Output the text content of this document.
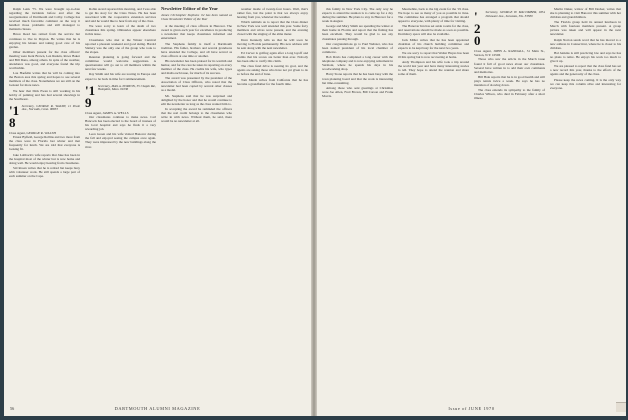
Ralph Lenk '75. We were brought up-to-date regarding the incidents before and after the reorganization of Dartmouth and Colby. College has received much favorable comment on the way it handled those problems and still managed to maintain classes.

Bruce Reed has retired from the service but continues to live in Dayton. He writes that he is enjoying his leisure and taking good care of his garden.

Other members present for the class officers' meeting were Kent Brown, Len Ruskin, Rowe Baker and Bill Dana, among others. In spite of the weather, attendance was good, and everyone found the trip worthwhile.

Lou Haefelin writes that he will be coming into the Boston area this spring and hopes to see several members of the class. Nonetheless we are still on the lookout for more news.

We hear that Dick Ewen is still working in his hobby of painting and has had several showings in the Southwest.

'18
Secretary, GEORGE R. WALSH, 11 Peale Ave., Norwalk, Conn. 06853

Class Agent, GEORGE R. WALSH

Ernest Byfield, George Rollins and two more from the class were in Florida last winter and met frequently for lunch. We are told that everyone is looking fit.

Jake Lubbock's wife reports that Jake has been in the hospital most of the winter but is now home and doing well. He would enjoy hearing from classmates.

Sid Rosen writes that he is retired but keeps busy with volunteer work. He still spends a large part of each summer on the Cape.

Robin Acard reported this morning, and I was able to get his story for the Class Notes. He has been associated with the cooperative extension services and said he would like to hear from any of the class.

We were sorry to learn of the death of two classmates this spring. Obituaries appear elsewhere in this issue.

Classmates who met at the Winter Carnival reported a pleasant weekend and good skiing. Harold Slattery was the only one of the group who took to the slopes.

Reunion planning is going forward and the committee would welcome suggestions. A questionnaire will go out to all members within the next few weeks.

Ray Smith and his wife are touring in Europe and expect to be back in time for Commencement.

'19
Secretary, MAX A. NORTON, 55 Chapin Rd., Hampden, Mass. 01036

Class Agent, JAMES A. WELLS

Our classmates continue to make news. Carl Hancock has been elected to the board of trustees of his local hospital and says he finds it a very rewarding job.

Leon Green and his wife visited Hanover during the fall and enjoyed seeing the campus once again. They were impressed by the new buildings along the river.

Newsletter Editor of the Year
James Christopher Stephens '22 has been named as Class Newsletter Editor of the Year

at the meeting of class officers in Hanover. The award is given each year for excellence in producing a newsletter that keeps classmates informed and entertained.

The Stephens family is itself a Dartmouth tradition. His father, brothers and several grandsons have attended the College, and all have served as class officers at one time or another.

His newsletter has been praised for its warmth and humor, and for the care he takes in reporting on every member of the class. He credits his wife, who types and mails each issue, for much of its success.

The award was presented by the president of the Association of Class Officers, who noted that the newsletter had been copied by several other classes as a model.

Mr. Stephens said that he was surprised and delighted by the honor and that he would continue to edit the newsletter as long as the class wanted him to.

In accepting the award he reminded the officers that the real credit belongs to the classmates who write in with news. Without them, he said, there would be no newsletter at all.

weather inside of twenty-four hours. Well, that's rather fun, but the point is that we always enjoy hearing from you, whatever the weather.

Which reminds us to report that the Class dinner in New York was well attended this year. Some forty members and wives were present, and the evening closed with the singing of the alma mater.

Dave Kennedy tells us that he will soon be moving to Florida permanently. His new address will be sent along with the next newsletter.

Ed Carver is golfing again after a long layoff and claims that his scores are better than ever. Nobody has been able to verify this claim.

The class fund drive is nearing its goal, and the agents are asking those who have not yet given to do so before the end of June.

Tom Marsh writes from California that he has become a grandfather for the fourth time.

56	DARTMOUTH ALUMNI MAGAZINE

this family in New York City. The only way he expects to attend the reunion is to come up for a day during the summer. He plans to stay in Hanover for a week in August.

George and Mary Smith are spending the winter at their home in Florida and report that the fishing has been excellent. They would be glad to see any classmates passing through.

Our congratulations go to Paul Webster, who has been named president of his local chamber of commerce.

Bob Davis has completed a long career with the telephone company and is now enjoying retirement in Vermont, where he spends his days in his woodworking shop.

Harry Stone reports that he has been busy with the town planning board and that the work is interesting but time-consuming.

Among those who sent greetings at Christmas were Joe Allen, Fred Brown, Bill Carson and Frank Morris.

Meanwhile, back to the big event for the '19 class. We hope to see as many of you as possible in June. The committee has arranged a program that should appeal to everyone, with plenty of time for visiting.

The Hanover Inn has set aside rooms for the class, and reservations should be made as soon as possible. Dormitory space will also be available.

Jack Miller writes that he has been appointed chairman of his church building committee and expects to be kept busy for the next two years.

We are sorry to report that Walter Hayes has been ill this spring but is now recovering at home.

Andy Thompson and his wife took a trip around the world last year and have many interesting stories to tell. They hope to attend the reunion and share some of them.

'20
Secretary, GEORGE H. MACOMBER, 1854 Delaware Ave., Sarasota, Fla. 33580

Class Agent, JOHN A. RANDALL, 31 Main St., Vernon, N.Y. 10506

Those who saw the article in the March issue found it full of good news about our classmates. Several have written in to add their own comments and memories.

Bill Hale reports that he is in good health and still plays tennis twice a week. He says he has no intention of slowing down.

The class extends its sympathy to the family of Charles Wilson, who died in February after a short illness.

Martin Daker, widow of Bill Decker, writes that she is planning to visit Hanover this summer with her children and grandchildren.

The Florida group held its annual luncheon in March with fourteen members present. A group picture was taken and will appear in the next newsletter.

Ralph Norton sends word that he has moved to a new address in Connecticut, where he is closer to his children.

Hal Jenkins is still practicing law and says he has no plans to retire. He enjoys his work too much to give it up.

We are pleased to report that the class fund has set a new record this year, thanks to the efforts of the agents and the generosity of the class.

Please keep the news coming. It is the only way we can keep this column alive and interesting for everyone.

Issue of JUNE 1970
